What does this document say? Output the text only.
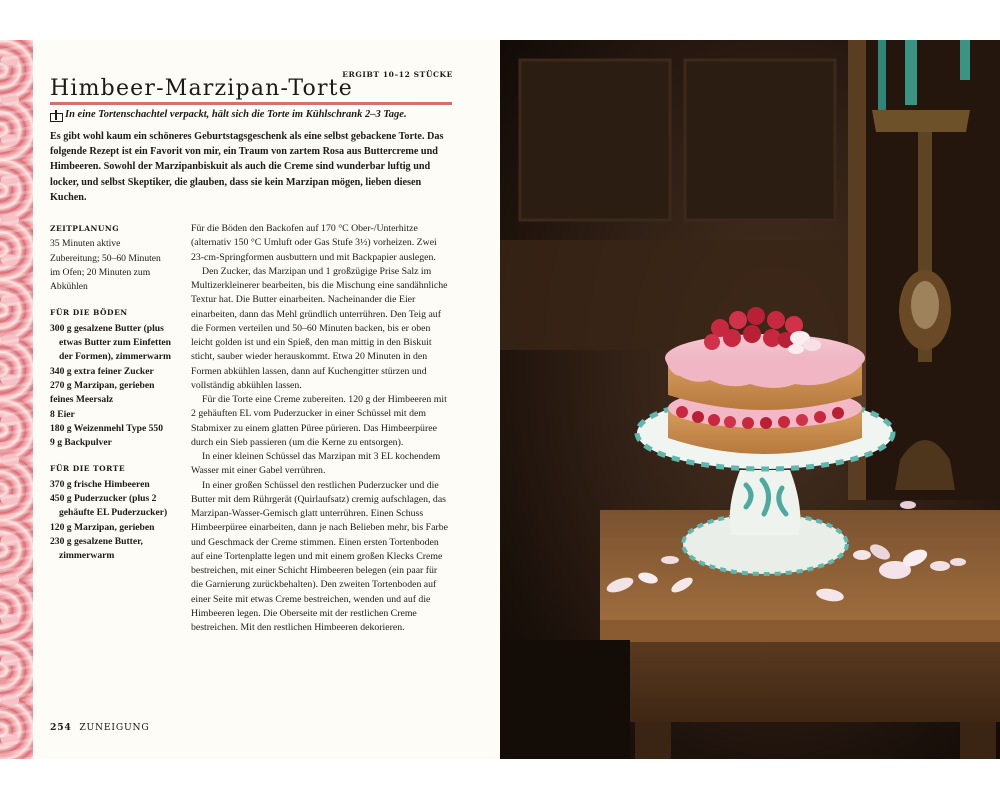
Himbeer-Marzipan-Torte
ERGIBT 10–12 STÜCKE
In eine Tortenschachtel verpackt, hält sich die Torte im Kühlschrank 2–3 Tage.

Es gibt wohl kaum ein schöneres Geburtstagsgeschenk als eine selbst gebackene Torte. Das folgende Rezept ist ein Favorit von mir, ein Traum von zartem Rosa aus Buttercreme und Himbeeren. Sowohl der Marzipanbiskuit als auch die Creme sind wunderbar luftig und locker, und selbst Skeptiker, die glauben, dass sie kein Marzipan mögen, lieben diesen Kuchen.

ZEITPLANUNG
35 Minuten aktive Zubereitung; 50–60 Minuten im Ofen; 20 Minuten zum Abkühlen
FÜR DIE BÖDEN
300 g gesalzene Butter (plus etwas Butter zum Einfetten der Formen), zimmerwarm
340 g extra feiner Zucker
270 g Marzipan, gerieben
feines Meersalz
8 Eier
180 g Weizenmehl Type 550
9 g Backpulver
FÜR DIE TORTE
370 g frische Himbeeren
450 g Puderzucker (plus 2 gehäufte EL Puderzucker)
120 g Marzipan, gerieben
230 g gesalzene Butter, zimmerwarm

Für die Böden den Backofen auf 170 °C Ober-/Unterhitze (alternativ 150 °C Umluft oder Gas Stufe 3½) vorheizen. Zwei 23-cm-Springformen ausbuttern und mit Backpapier auslegen.

Den Zucker, das Marzipan und 1 großzügige Prise Salz im Multizerkleinerer bearbeiten, bis die Mischung eine sandähnliche Textur hat. Die Butter einarbeiten. Nacheinander die Eier einarbeiten, dann das Mehl gründlich unterrühren. Den Teig auf die Formen verteilen und 50–60 Minuten backen, bis er oben leicht golden ist und ein Spieß, den man mittig in den Biskuit sticht, sauber wieder herauskommt. Etwa 20 Minuten in den Formen abkühlen lassen, dann auf Kuchengitter stürzen und vollständig abkühlen lassen.

Für die Torte eine Creme zubereiten. 120 g der Himbeeren mit 2 gehäuften EL vom Puderzucker in einer Schüssel mit dem Stabmixer zu einem glatten Püree pürieren. Das Himbeerpüree durch ein Sieb passieren (um die Kerne zu entsorgen).

In einer kleinen Schüssel das Marzipan mit 3 EL kochendem Wasser mit einer Gabel verrühren.

In einer großen Schüssel den restlichen Puderzucker und die Butter mit dem Rührgerät (Quirlaufsatz) cremig aufschlagen, das Marzipan-Wasser-Gemisch glatt unterrühren. Einen Schuss Himbeerpüree einarbeiten, dann je nach Belieben mehr, bis Farbe und Geschmack der Creme stimmen. Einen ersten Tortenboden auf eine Tortenplatte legen und mit einem großen Klecks Creme bestreichen, mit einer Schicht Himbeeren belegen (ein paar für die Garnierung zurückbehalten). Den zweiten Tortenboden auf einer Seite mit etwas Creme bestreichen, wenden und auf die Himbeeren legen. Die Oberseite mit der restlichen Creme bestreichen. Mit den restlichen Himbeeren dekorieren.

254 ZUNEIGUNG
